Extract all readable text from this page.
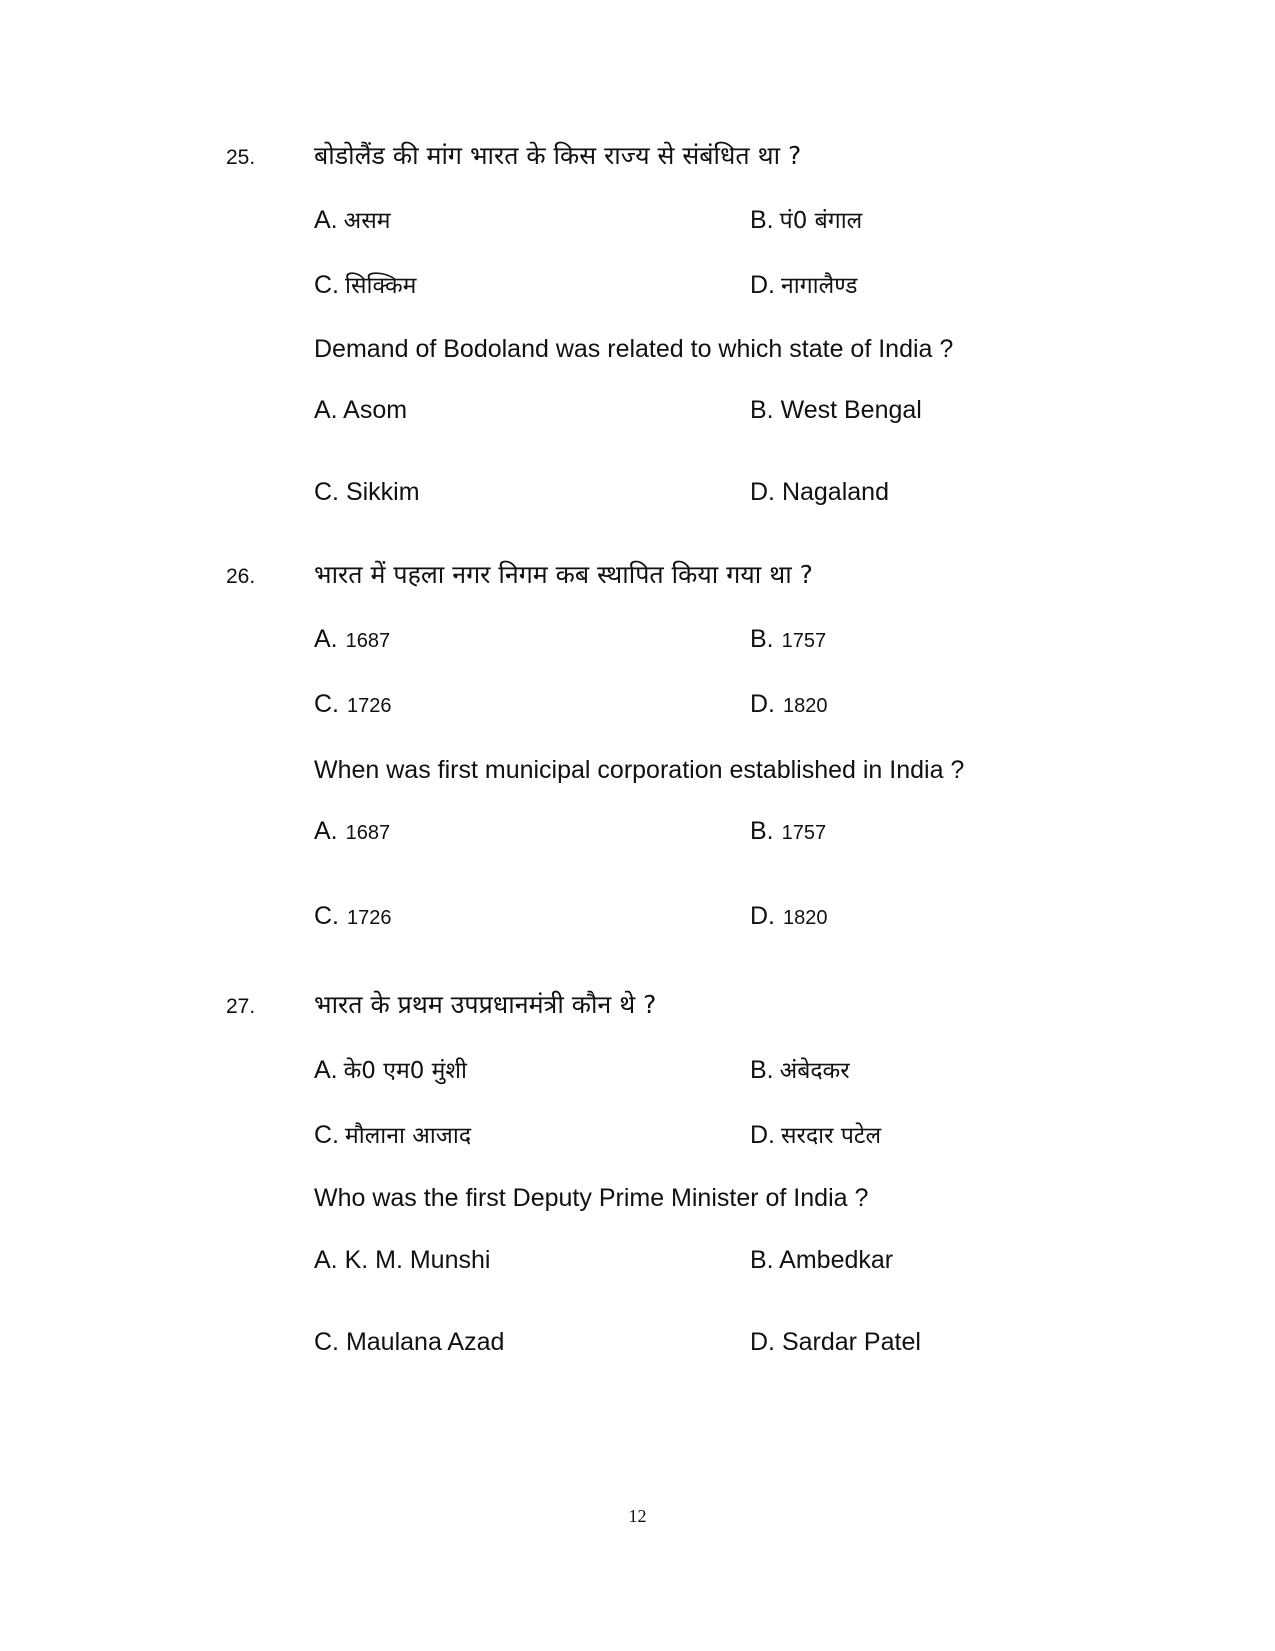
25. बोडोलैंड की मांग भारत के किस राज्य से संबंधित था ?
A. असम	B. पं0 बंगाल
C. सिक्किम	D. नागालैण्ड
Demand of Bodoland was related to which state of India ?
A. Asom	B. West Bengal
C. Sikkim	D. Nagaland
26. भारत में पहला नगर निगम कब स्थापित किया गया था ?
A. 1687	B. 1757
C. 1726	D. 1820
When was first municipal corporation established in India ?
A. 1687	B. 1757
C. 1726	D. 1820
27. भारत के प्रथम उपप्रधानमंत्री कौन थे ?
A. के0 एम0 मुंशी	B. अंबेदकर
C. मौलाना आजाद	D. सरदार पटेल
Who was the first Deputy Prime Minister of India ?
A. K. M. Munshi	B. Ambedkar
C. Maulana Azad	D. Sardar Patel
12
